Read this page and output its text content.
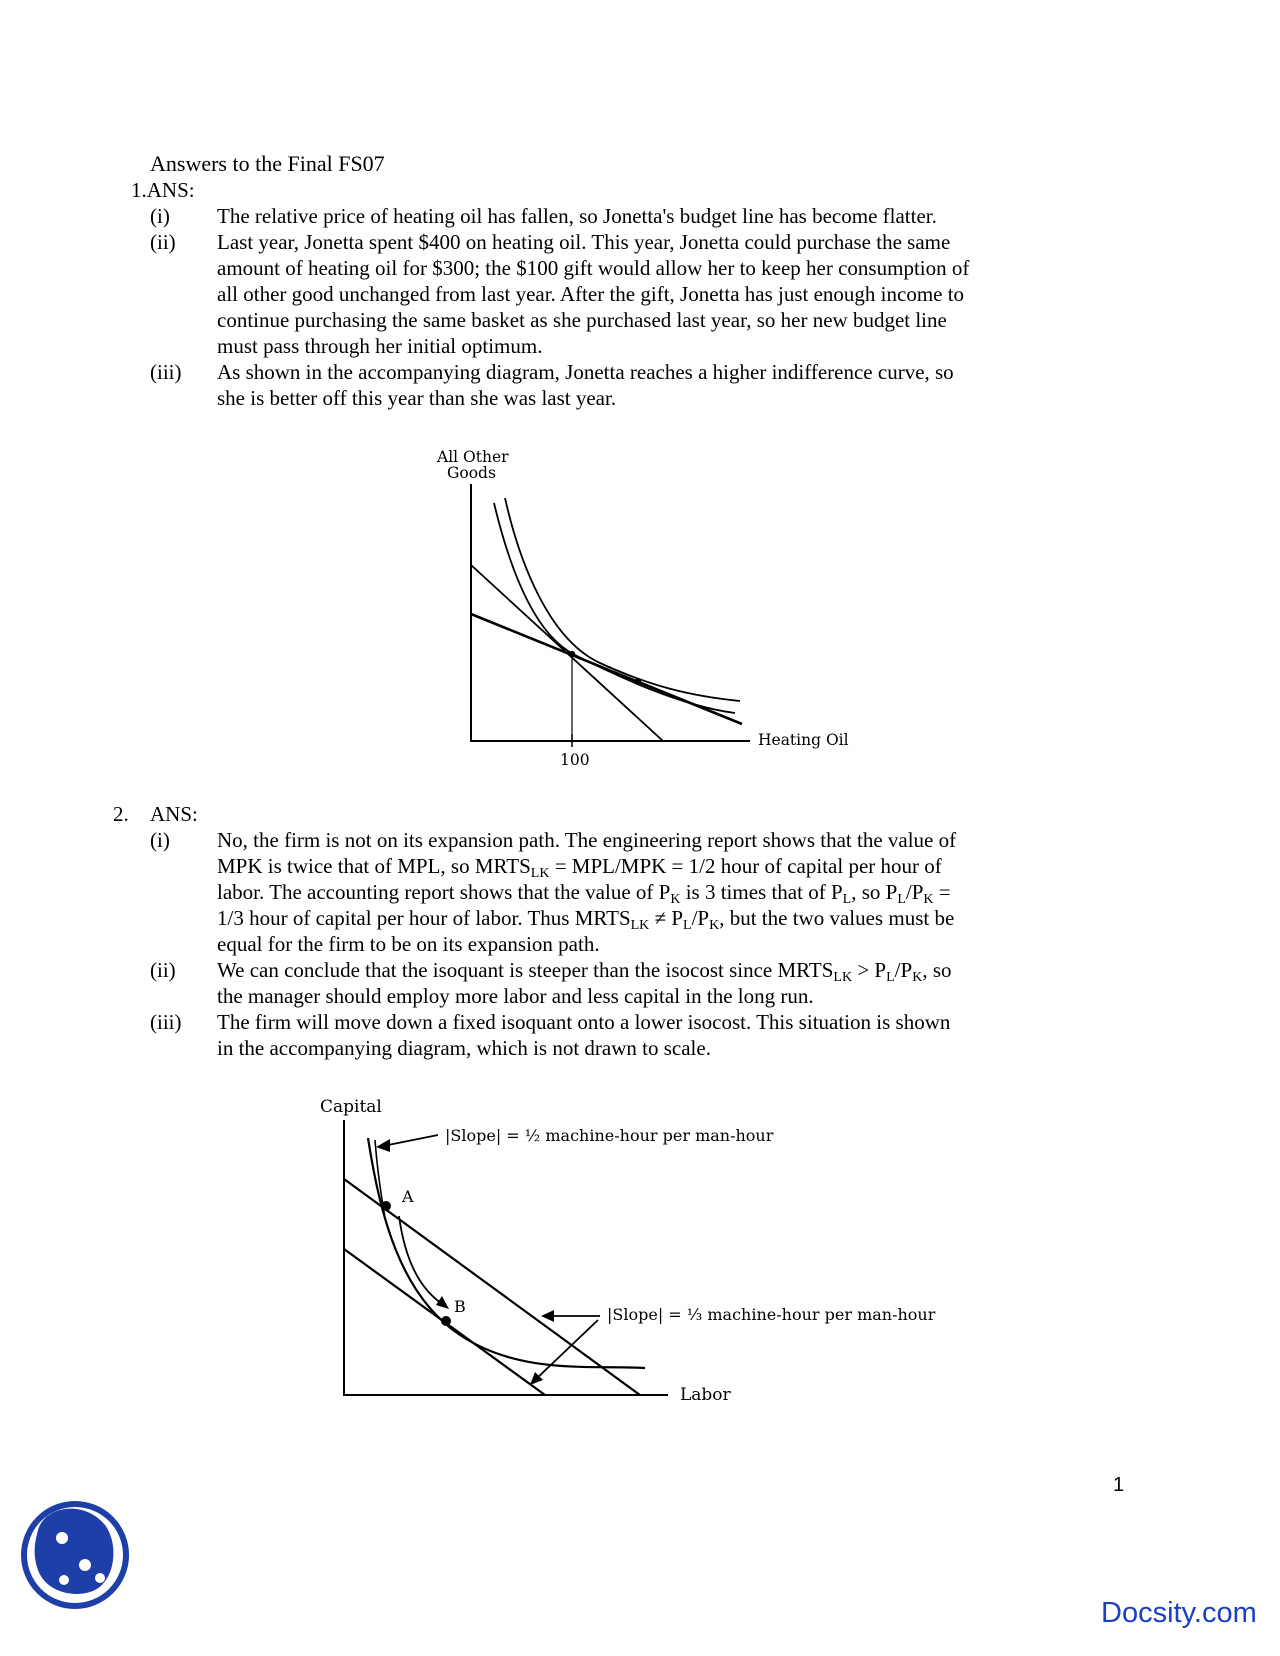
Answers to the Final FS07
1.ANS:
(i) The relative price of heating oil has fallen, so Jonetta's budget line has become flatter.
(ii) Last year, Jonetta spent $400 on heating oil. This year, Jonetta could purchase the same
amount of heating oil for $300; the $100 gift would allow her to keep her consumption of
all other good unchanged from last year. After the gift, Jonetta has just enough income to
continue purchasing the same basket as she purchased last year, so her new budget line
must pass through her initial optimum.
(iii) As shown in the accompanying diagram, Jonetta reaches a higher indifference curve, so
she is better off this year than she was last year.
All Other
Goods
Heating Oil
100
2. ANS:
(i) No, the firm is not on its expansion path. The engineering report shows that the value of
MPK is twice that of MPL, so $MRTS_{LK} = MPL/MPK = 1/2$ hour of capital per hour of
labor. The accounting report shows that the value of $P_K$ is 3 times that of $P_L$, so $P_L/P_K$ =
1/3 hour of capital per hour of labor. Thus $MRTS_{LK} \ne P_L/P_K$, but the two values must be
equal for the firm to be on its expansion path.
(ii) We can conclude that the isoquant is steeper than the isocost since $MRTS_{LK} > P_L/P_K$, so
the manager should employ more labor and less capital in the long run.
(iii) The firm will move down a fixed isoquant onto a lower isocost. This situation is shown
in the accompanying diagram, which is not drawn to scale.
Capital
Labor
A
B
|Slope| = ½ machine-hour per man-hour
|Slope| = ⅓ machine-hour per man-hour
1
Docsity.com
